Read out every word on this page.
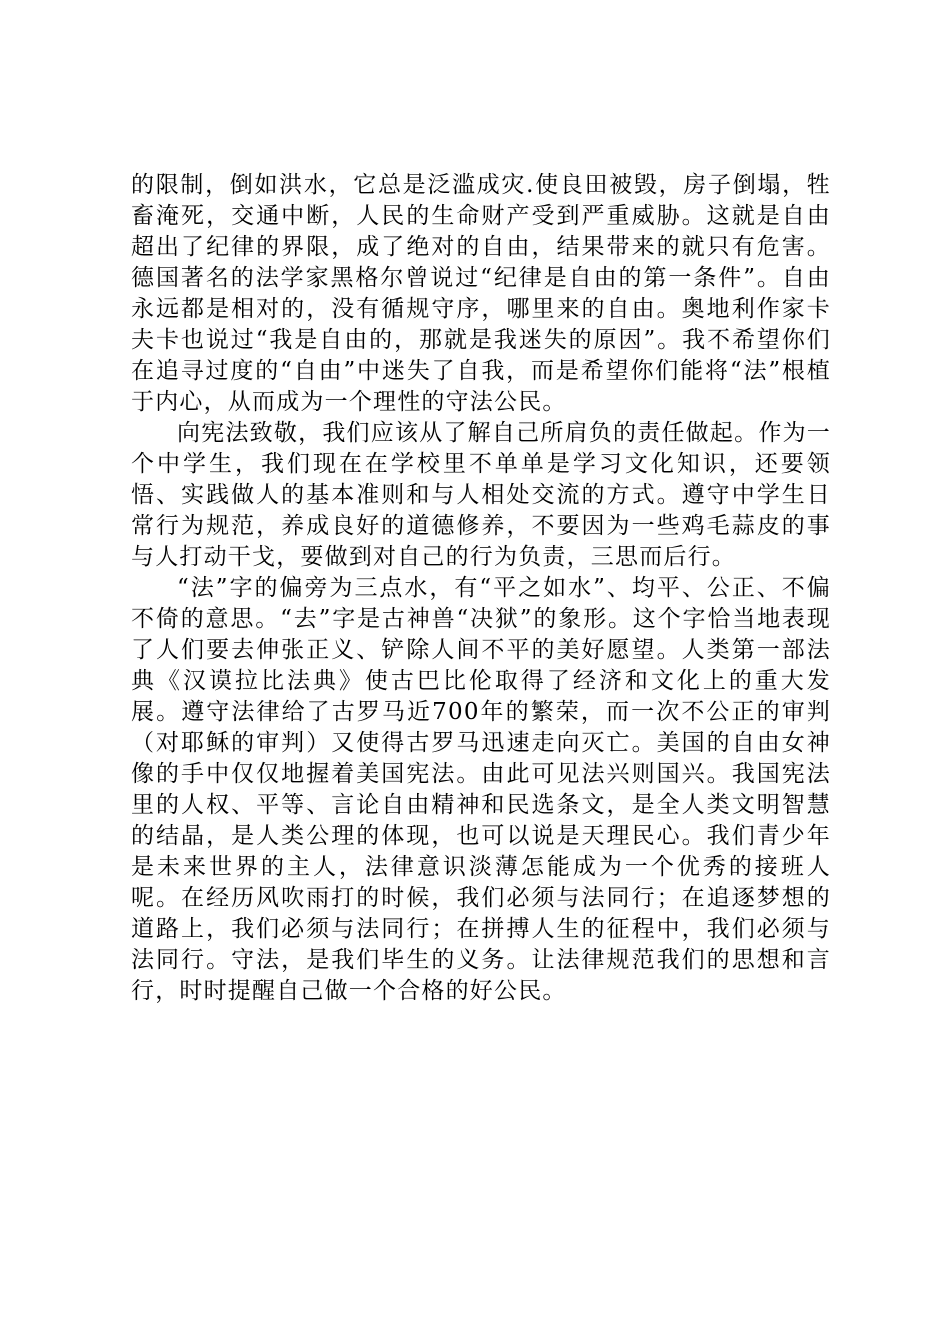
的限制，倒如洪水，它总是泛滥成灾.使良田被毁，房子倒塌，牲畜淹死，交通中断，人民的生命财产受到严重威胁。这就是自由超出了纪律的界限，成了绝对的自由，结果带来的就只有危害。德国著名的法学家黑格尔曾说过“纪律是自由的第一条件”。自由永远都是相对的，没有循规守序，哪里来的自由。奥地利作家卡夫卡也说过“我是自由的，那就是我迷失的原因”。我不希望你们在追寻过度的“自由”中迷失了自我，而是希望你们能将“法”根植于内心，从而成为一个理性的守法公民。

向宪法致敬，我们应该从了解自己所肩负的责任做起。作为一个中学生，我们现在在学校里不单单是学习文化知识，还要领悟、实践做人的基本准则和与人相处交流的方式。遵守中学生日常行为规范，养成良好的道德修养，不要因为一些鸡毛蒜皮的事与人打动干戈，要做到对自己的行为负责，三思而后行。

“法”字的偏旁为三点水，有“平之如水”、均平、公正、不偏不倚的意思。“去”字是古神兽“决狱”的象形。这个字恰当地表现了人们要去伸张正义、铲除人间不平的美好愿望。人类第一部法典《汉谟拉比法典》使古巴比伦取得了经济和文化上的重大发展。遵守法律给了古罗马近700年的繁荣，而一次不公正的审判（对耶稣的审判）又使得古罗马迅速走向灭亡。美国的自由女神像的手中仅仅地握着美国宪法。由此可见法兴则国兴。我国宪法里的人权、平等、言论自由精神和民选条文，是全人类文明智慧的结晶，是人类公理的体现，也可以说是天理民心。我们青少年是未来世界的主人，法律意识淡薄怎能成为一个优秀的接班人呢。在经历风吹雨打的时候，我们必须与法同行；在追逐梦想的道路上，我们必须与法同行；在拼搏人生的征程中，我们必须与法同行。守法，是我们毕生的义务。让法律规范我们的思想和言行，时时提醒自己做一个合格的好公民。
